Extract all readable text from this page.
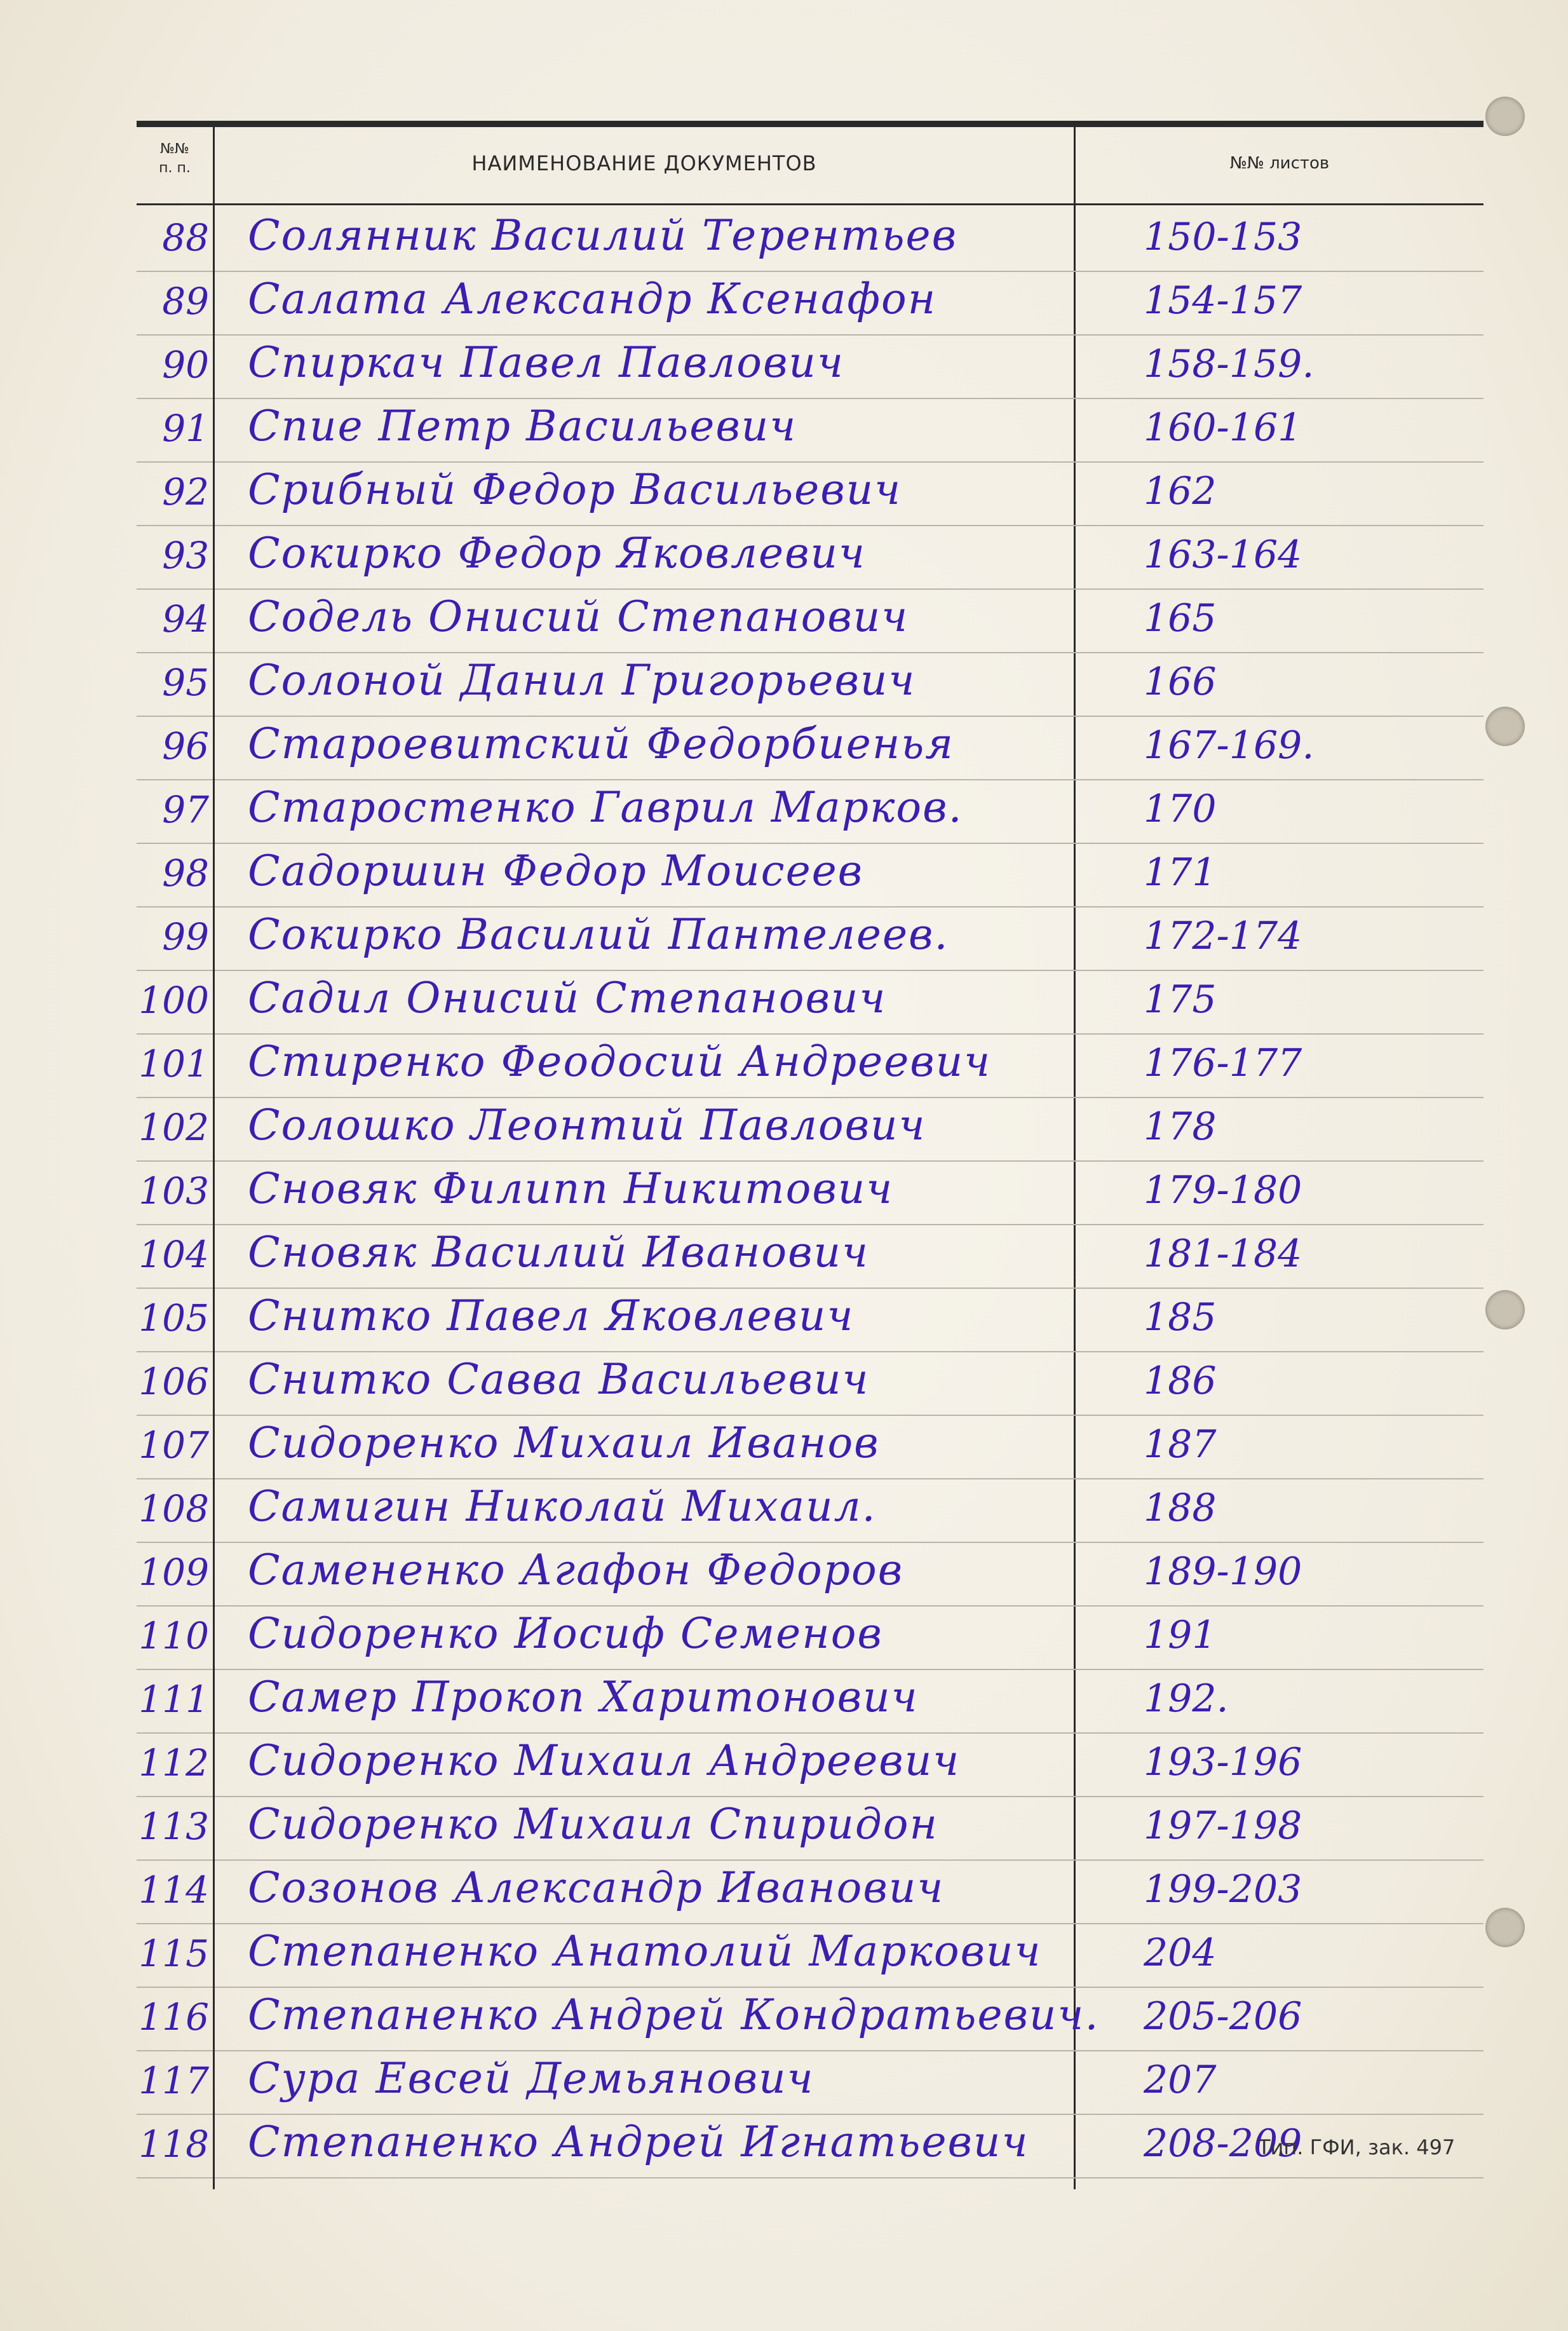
№№
п. п.	НАИМЕНОВАНИЕ ДОКУМЕНТОВ	№№ листов
88 Солянник Василий Терентьев	150-153
89 Салата Александр Ксенафон	154-157
90 Спиркач Павел Павлович	158-159.
91 Спие Петр Васильевич	160-161
92 Срибный Федор Васильевич	162
93 Сокирко Федор Яковлевич	163-164
94 Содель Онисий Степанович	165
95 Солоной Данил Григорьевич	166
96 Староевитский Федорбиенья	167-169.
97 Старостенко Гаврил Марков.	170
98 Садоршин Федор Моисеев	171
99 Сокирко Василий Пантелеев.	172-174
100 Садил Онисий Степанович	175
101 Стиренко Феодосий Андреевич	176-177
102 Солошко Леонтий Павлович	178
103 Сновяк Филипп Никитович	179-180
104 Сновяк Василий Иванович	181-184
105 Снитко Павел Яковлевич	185
106 Снитко Савва Васильевич	186
107 Сидоренко Михаил Иванов	187
108 Самигин Николай Михаил.	188
109 Самененко Агафон Федоров	189-190
110 Сидоренко Иосиф Семенов	191
111 Самер Прокоп Харитонович	192.
112 Сидоренко Михаил Андреевич	193-196
113 Сидоренко Михаил Спиридон	197-198
114 Созонов Александр Иванович	199-203
115 Степаненко Анатолий Маркович	204
116 Степаненко Андрей Кондратьевич.	205-206
117 Сура Евсей Демьянович	207
118 Степаненко Андрей Игнатьевич	208-209
Тип. ГФИ, зак. 497
